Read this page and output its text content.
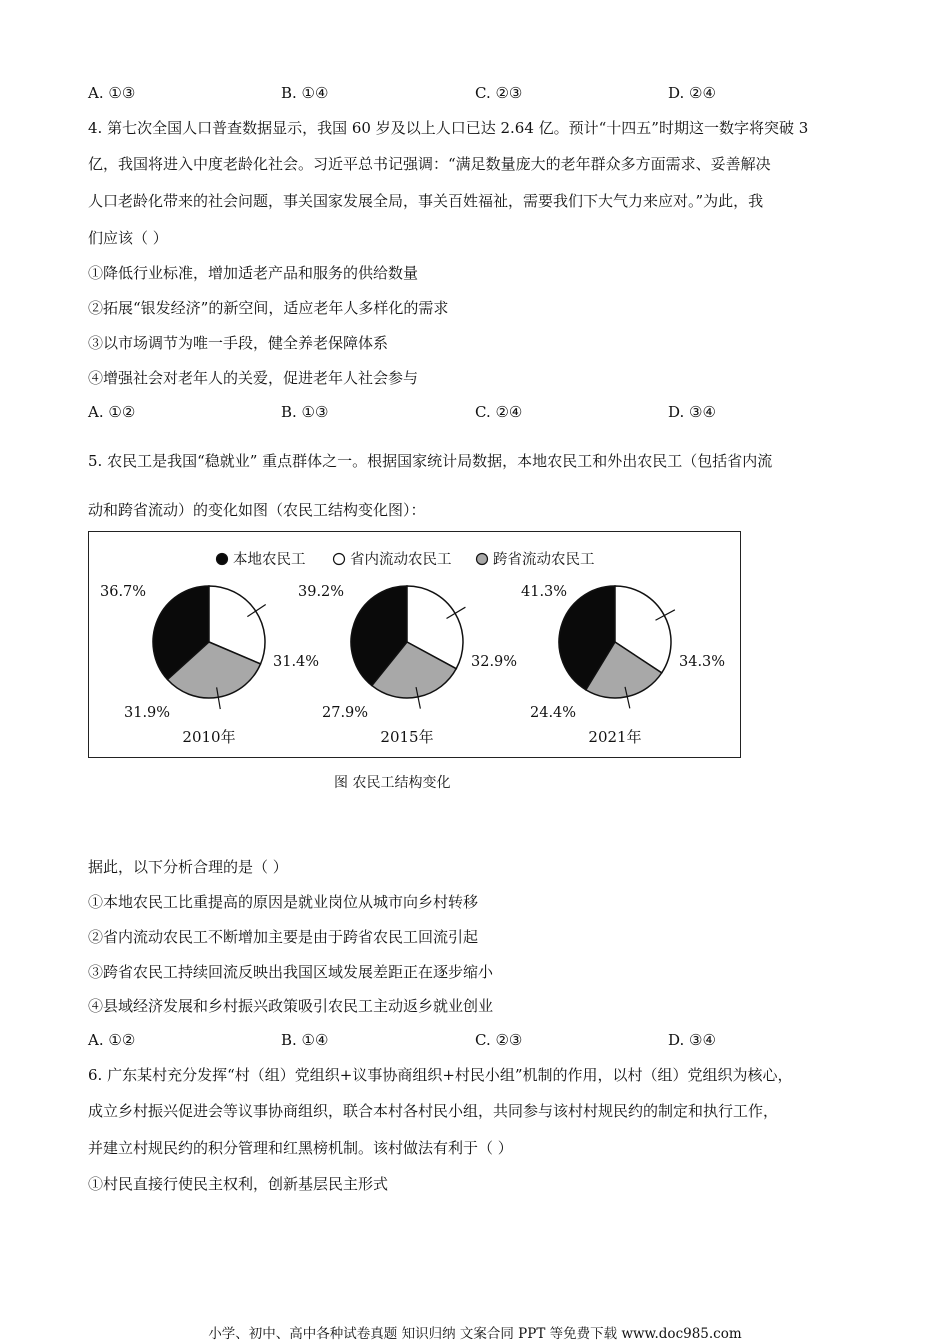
A. ①③	B. ①④	C. ②③	D. ②④
4. 第七次全国人口普查数据显示，我国 60 岁及以上人口已达 2.64 亿。预计“十四五”时期这一数字将突破 3
亿，我国将进入中度老龄化社会。习近平总书记强调：“满足数量庞大的老年群众多方面需求、妥善解决
人口老龄化带来的社会问题，事关国家发展全局，事关百姓福祉，需要我们下大气力来应对。”为此，我
们应该（ ）
①降低行业标准，增加适老产品和服务的供给数量
②拓展“银发经济”的新空间，适应老年人多样化的需求
③以市场调节为唯一手段，健全养老保障体系
④增强社会对老年人的关爱，促进老年人社会参与
A. ①②	B. ①③	C. ②④	D. ③④
5. 农民工是我国“稳就业” 重点群体之一。根据国家统计局数据，本地农民工和外出农民工（包括省内流
动和跨省流动）的变化如图（农民工结构变化图）：
本地农民工	省内流动农民工	跨省流动农民工
36.7%
31.4%
31.9%
2010年
39.2%
32.9%
27.9%
2015年
41.3%
34.3%
24.4%
2021年
图 农民工结构变化
据此，以下分析合理的是（ ）
①本地农民工比重提高的原因是就业岗位从城市向乡村转移
②省内流动农民工不断增加主要是由于跨省农民工回流引起
③跨省农民工持续回流反映出我国区域发展差距正在逐步缩小
④县域经济发展和乡村振兴政策吸引农民工主动返乡就业创业
A. ①②	B. ①④	C. ②③	D. ③④
6. 广东某村充分发挥“村（组）党组织+议事协商组织+村民小组”机制的作用，以村（组）党组织为核心，
成立乡村振兴促进会等议事协商组织，联合本村各村民小组，共同参与该村村规民约的制定和执行工作，
并建立村规民约的积分管理和红黑榜机制。该村做法有利于（ ）
①村民直接行使民主权利，创新基层民主形式
小学、初中、高中各种试卷真题 知识归纳 文案合同 PPT 等免费下载 www.doc985.com
